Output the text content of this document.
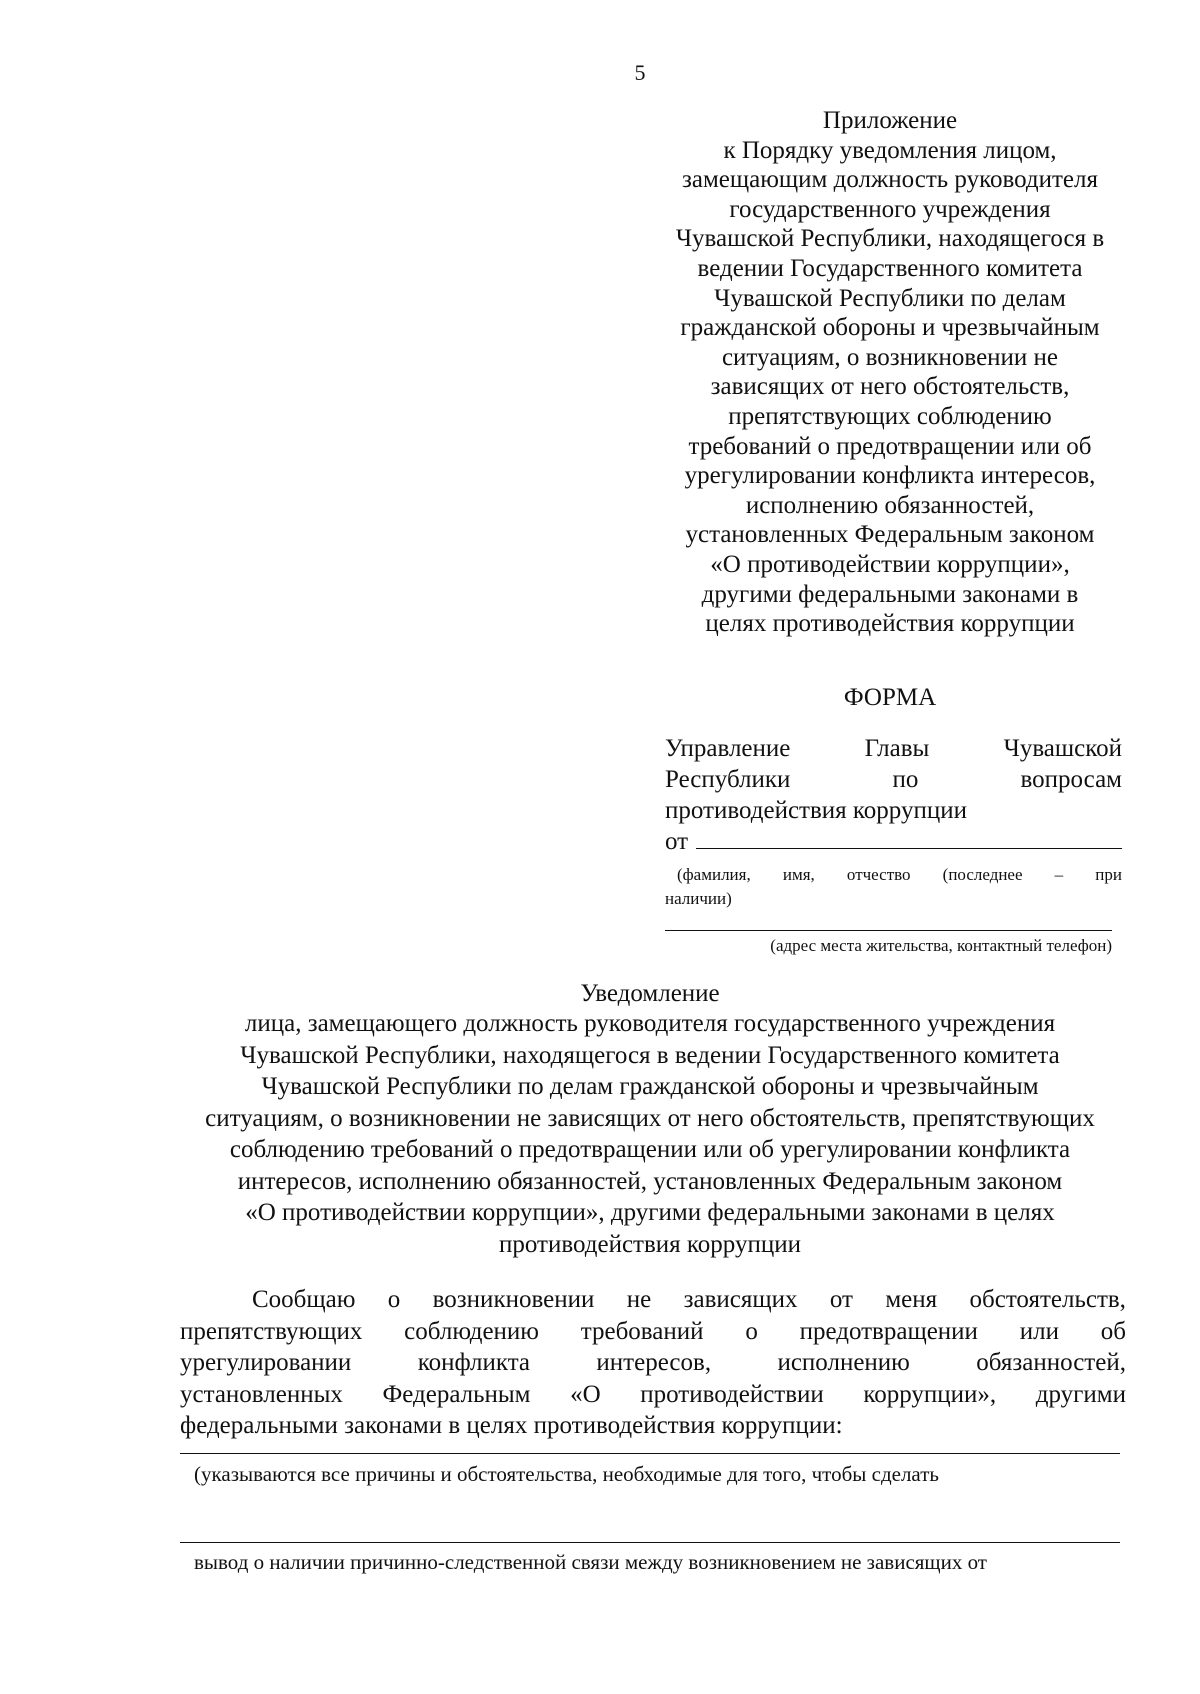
5
Приложение
к Порядку уведомления лицом,
замещающим должность руководителя
государственного учреждения
Чувашской Республики, находящегося в
ведении Государственного комитета
Чувашской Республики по делам
гражданской обороны и чрезвычайным
ситуациям, о возникновении не
зависящих от него обстоятельств,
препятствующих соблюдению
требований о предотвращении или об
урегулировании конфликта интересов,
исполнению обязанностей,
установленных Федеральным законом
«О противодействии коррупции»,
другими федеральными законами в
целях противодействия коррупции
ФОРМА
Управление	Главы	Чувашской
Республики	по	вопросам
противодействия коррупции
от
(фамилия, имя, отчество (последнее – при
наличии)
(адрес места жительства, контактный телефон)
Уведомление
лица, замещающего должность руководителя государственного учреждения
Чувашской Республики, находящегося в ведении Государственного комитета
Чувашской Республики по делам гражданской обороны и чрезвычайным
ситуациям, о возникновении не зависящих от него обстоятельств, препятствующих
соблюдению требований о предотвращении или об урегулировании конфликта
интересов, исполнению обязанностей, установленных Федеральным законом
«О противодействии коррупции», другими федеральными законами в целях
противодействия коррупции
Сообщаю о возникновении не зависящих от меня обстоятельств,
препятствующих соблюдению требований о предотвращении или об
урегулировании	конфликта	интересов,	исполнению	обязанностей,
установленных Федеральным «О противодействии коррупции», другими
федеральными законами в целях противодействия коррупции:
(указываются все причины и обстоятельства, необходимые для того, чтобы сделать
вывод о наличии причинно-следственной связи между возникновением не зависящих от
